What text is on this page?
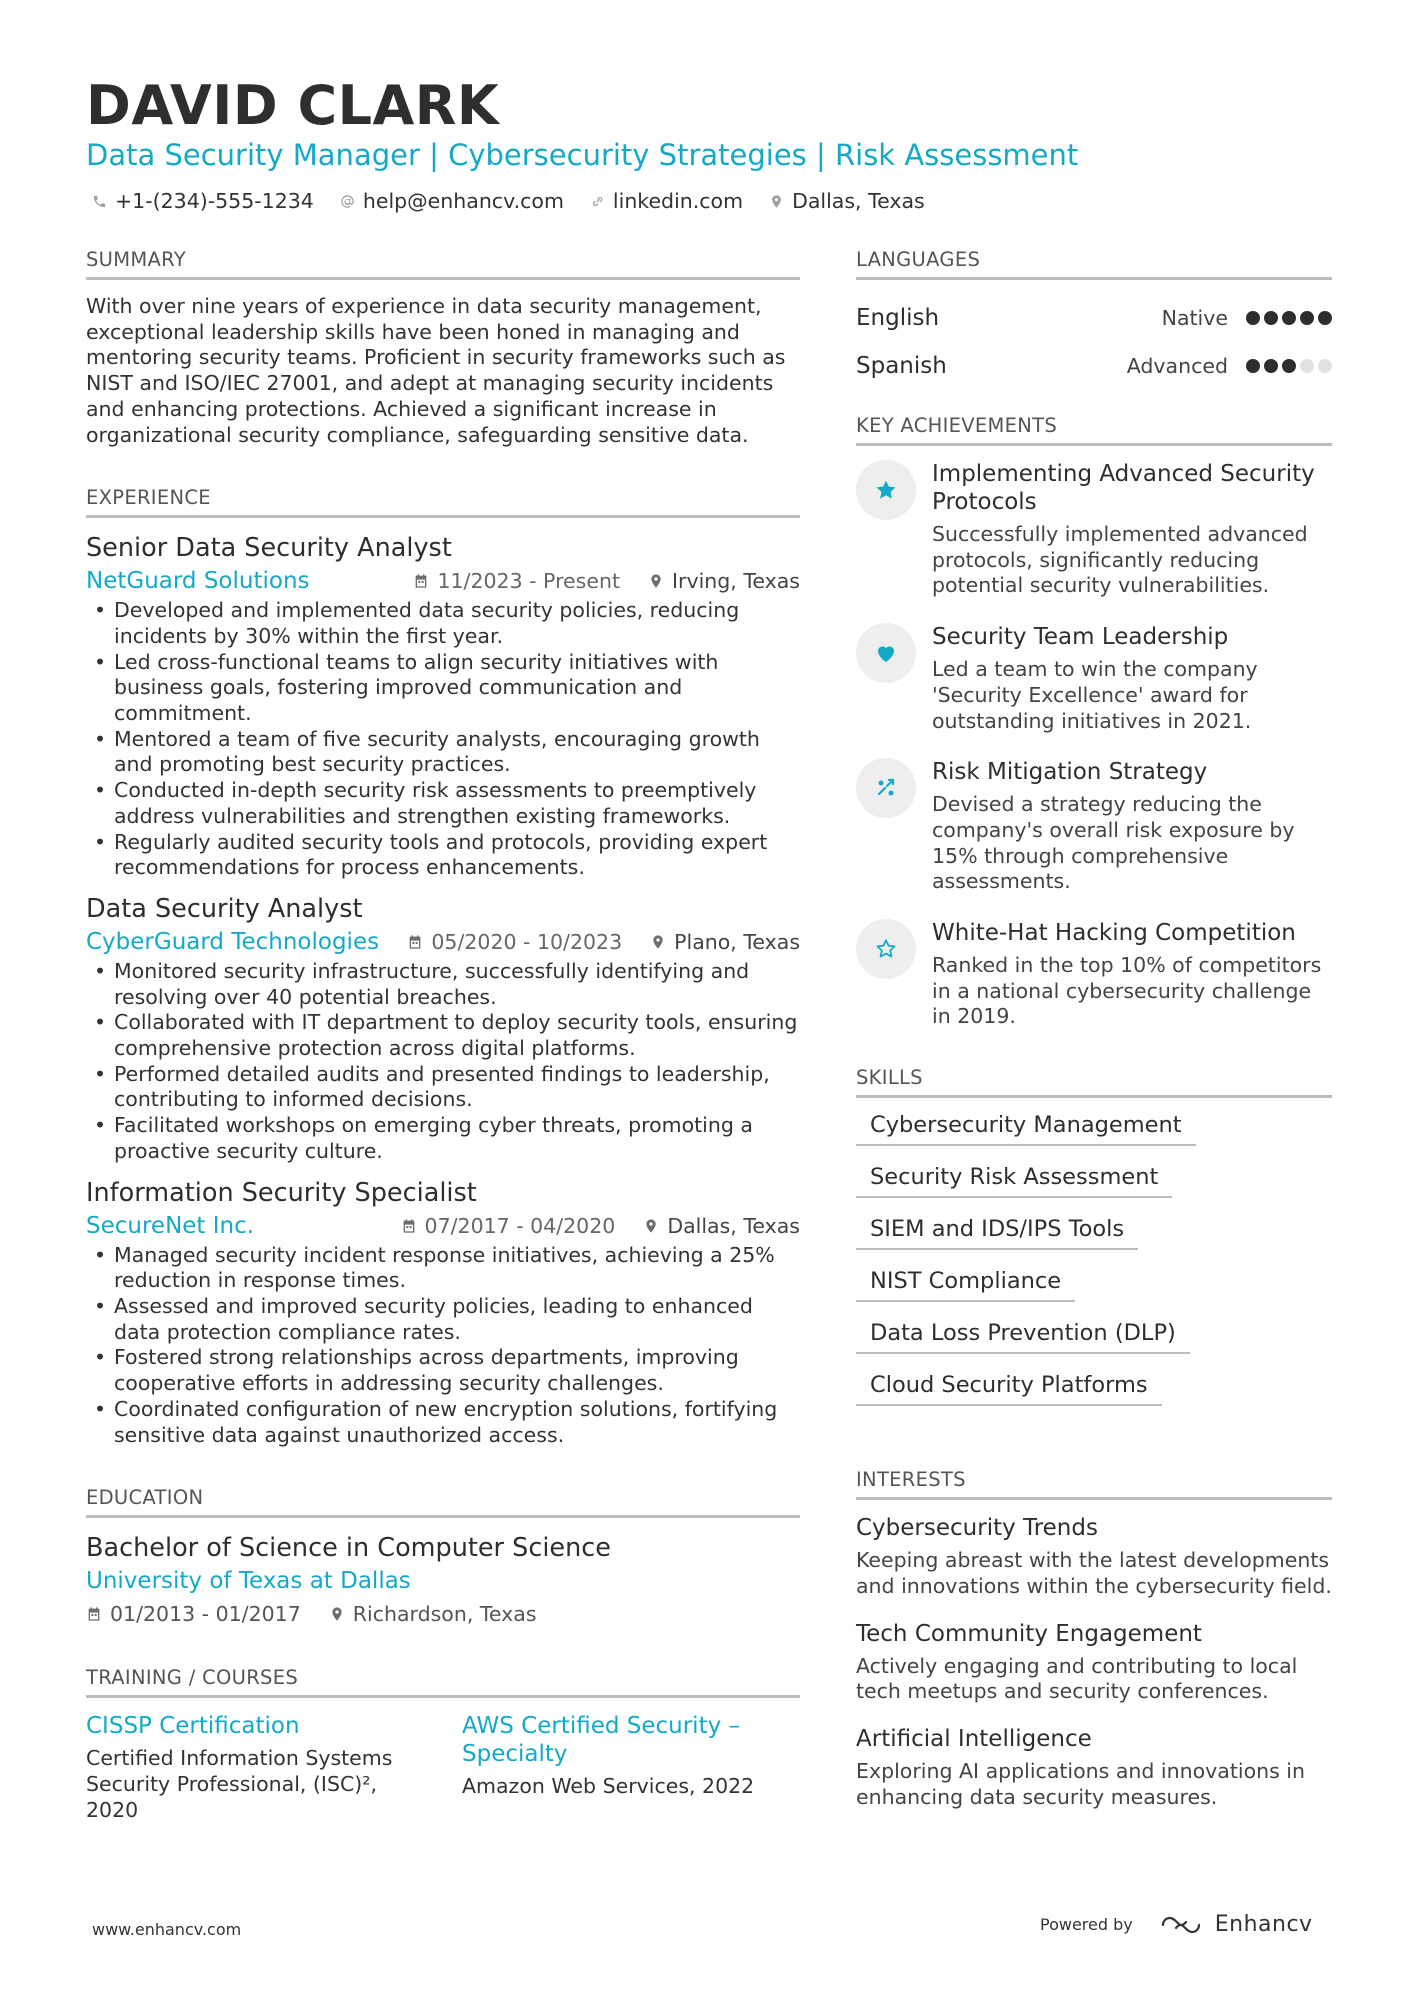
DAVID CLARK
Data Security Manager | Cybersecurity Strategies | Risk Assessment
+1-(234)-555-1234 help@enhancv.com linkedin.com Dallas, Texas
SUMMARY
With over nine years of experience in data security management, exceptional leadership skills have been honed in managing and mentoring security teams. Proficient in security frameworks such as NIST and ISO/IEC 27001, and adept at managing security incidents and enhancing protections. Achieved a significant increase in organizational security compliance, safeguarding sensitive data.
EXPERIENCE
Senior Data Security Analyst
NetGuard Solutions	11/2023 - Present	Irving, Texas
• Developed and implemented data security policies, reducing incidents by 30% within the first year.
• Led cross-functional teams to align security initiatives with business goals, fostering improved communication and commitment.
• Mentored a team of five security analysts, encouraging growth and promoting best security practices.
• Conducted in-depth security risk assessments to preemptively address vulnerabilities and strengthen existing frameworks.
• Regularly audited security tools and protocols, providing expert recommendations for process enhancements.
Data Security Analyst
CyberGuard Technologies	05/2020 - 10/2023	Plano, Texas
• Monitored security infrastructure, successfully identifying and resolving over 40 potential breaches.
• Collaborated with IT department to deploy security tools, ensuring comprehensive protection across digital platforms.
• Performed detailed audits and presented findings to leadership, contributing to informed decisions.
• Facilitated workshops on emerging cyber threats, promoting a proactive security culture.
Information Security Specialist
SecureNet Inc.	07/2017 - 04/2020	Dallas, Texas
• Managed security incident response initiatives, achieving a 25% reduction in response times.
• Assessed and improved security policies, leading to enhanced data protection compliance rates.
• Fostered strong relationships across departments, improving cooperative efforts in addressing security challenges.
• Coordinated configuration of new encryption solutions, fortifying sensitive data against unauthorized access.
EDUCATION
Bachelor of Science in Computer Science
University of Texas at Dallas
01/2013 - 01/2017	Richardson, Texas
TRAINING / COURSES
CISSP Certification
Certified Information Systems Security Professional, (ISC)², 2020
AWS Certified Security – Specialty
Amazon Web Services, 2022
LANGUAGES
English	Native
Spanish	Advanced
KEY ACHIEVEMENTS
Implementing Advanced Security Protocols
Successfully implemented advanced protocols, significantly reducing potential security vulnerabilities.
Security Team Leadership
Led a team to win the company 'Security Excellence' award for outstanding initiatives in 2021.
Risk Mitigation Strategy
Devised a strategy reducing the company's overall risk exposure by 15% through comprehensive assessments.
White-Hat Hacking Competition
Ranked in the top 10% of competitors in a national cybersecurity challenge in 2019.
SKILLS
Cybersecurity Management
Security Risk Assessment
SIEM and IDS/IPS Tools
NIST Compliance
Data Loss Prevention (DLP)
Cloud Security Platforms
INTERESTS
Cybersecurity Trends
Keeping abreast with the latest developments and innovations within the cybersecurity field.
Tech Community Engagement
Actively engaging and contributing to local tech meetups and security conferences.
Artificial Intelligence
Exploring AI applications and innovations in enhancing data security measures.
www.enhancv.com	Powered by	Enhancv
